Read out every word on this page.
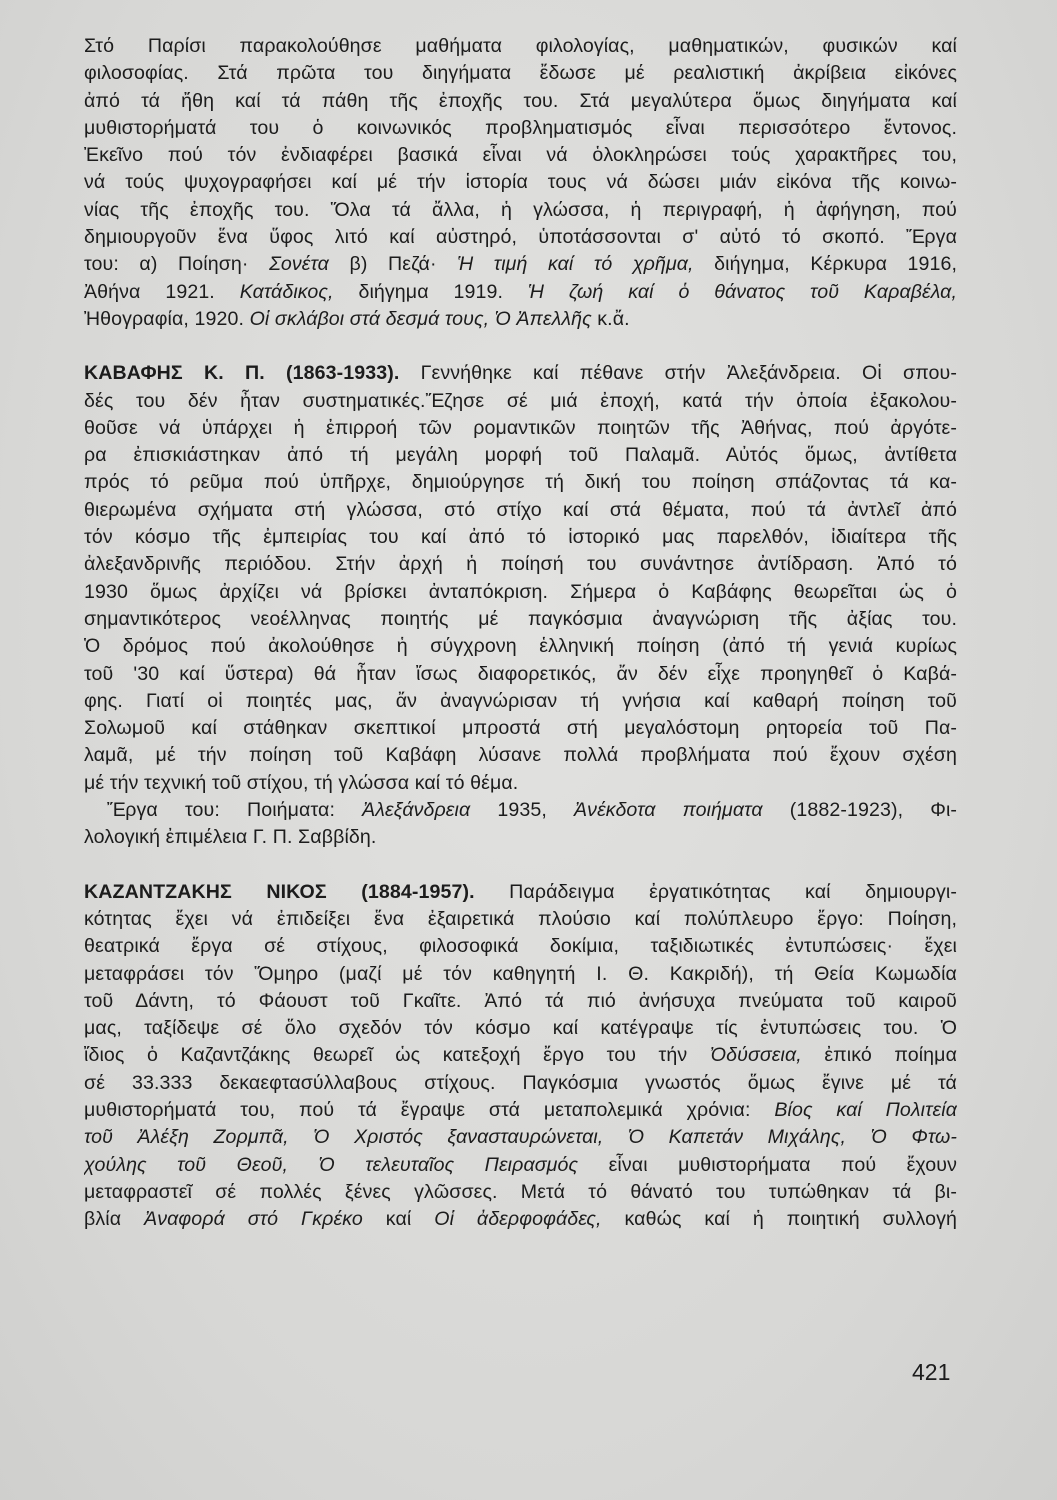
Στό Παρίσι παρακολούθησε μαθήματα φιλολογίας, μαθηματικών, φυσικών καί
φιλοσοφίας. Στά πρῶτα του διηγήματα ἔδωσε μέ ρεαλιστική ἀκρίβεια εἰκόνες
ἀπό τά ἤθη καί τά πάθη τῆς ἐποχῆς του. Στά μεγαλύτερα ὅμως διηγήματα καί
μυθιστορήματά του ὁ κοινωνικός προβληματισμός εἶναι περισσότερο ἔντονος.
Ἐκεῖνο πού τόν ἐνδιαφέρει βασικά εἶναι νά ὁλοκληρώσει τούς χαρακτῆρες του,
νά τούς ψυχογραφήσει καί μέ τήν ἱστορία τους νά δώσει μιάν εἰκόνα τῆς κοινω-
νίας τῆς ἐποχῆς του. Ὅλα τά ἄλλα, ἡ γλώσσα, ἡ περιγραφή, ἡ ἀφήγηση, πού
δημιουργοῦν ἕνα ὕφος λιτό καί αὐστηρό, ὑποτάσσονται σ' αὐτό τό σκοπό. Ἔργα
του: α) Ποίηση· Σονέτα β) Πεζά· Ἡ τιμή καί τό χρῆμα, διήγημα, Κέρκυρα 1916,
Ἀθήνα 1921. Κατάδικος, διήγημα 1919. Ἡ ζωή καί ὁ θάνατος τοῦ Καραβέλα,
Ἠθογραφία, 1920. Οἱ σκλάβοι στά δεσμά τους, Ὁ Ἀπελλῆς κ.ἄ.
ΚΑΒΑΦΗΣ Κ. Π. (1863-1933). Γεννήθηκε καί πέθανε στήν Ἀλεξάνδρεια. Οἱ σπου-
δές του δέν ἦταν συστηματικές.Ἔζησε σέ μιά ἐποχή, κατά τήν ὁποία ἐξακολου-
θοῦσε νά ὑπάρχει ἡ ἐπιρροή τῶν ρομαντικῶν ποιητῶν τῆς Ἀθήνας, πού ἀργότε-
ρα ἐπισκιάστηκαν ἀπό τή μεγάλη μορφή τοῦ Παλαμᾶ. Αὐτός ὅμως, ἀντίθετα
πρός τό ρεῦμα πού ὑπῆρχε, δημιούργησε τή δική του ποίηση σπάζοντας τά κα-
θιερωμένα σχήματα στή γλώσσα, στό στίχο καί στά θέματα, πού τά ἀντλεῖ ἀπό
τόν κόσμο τῆς ἐμπειρίας του καί ἀπό τό ἱστορικό μας παρελθόν, ἰδιαίτερα τῆς
ἀλεξανδρινῆς περιόδου. Στήν ἀρχή ἡ ποίησή του συνάντησε ἀντίδραση. Ἀπό τό
1930 ὅμως ἀρχίζει νά βρίσκει ἀνταπόκριση. Σήμερα ὁ Καβάφης θεωρεῖται ὡς ὁ
σημαντικότερος νεοέλληνας ποιητής μέ παγκόσμια ἀναγνώριση τῆς ἀξίας του.
Ὁ δρόμος πού ἀκολούθησε ἡ σύγχρονη ἑλληνική ποίηση (ἀπό τή γενιά κυρίως
τοῦ '30 καί ὕστερα) θά ἦταν ἴσως διαφορετικός, ἄν δέν εἶχε προηγηθεῖ ὁ Καβά-
φης. Γιατί οἱ ποιητές μας, ἄν ἀναγνώρισαν τή γνήσια καί καθαρή ποίηση τοῦ
Σολωμοῦ καί στάθηκαν σκεπτικοί μπροστά στή μεγαλόστομη ρητορεία τοῦ Πα-
λαμᾶ, μέ τήν ποίηση τοῦ Καβάφη λύσανε πολλά προβλήματα πού ἔχουν σχέση
μέ τήν τεχνική τοῦ στίχου, τή γλώσσα καί τό θέμα.
Ἔργα του: Ποιήματα: Ἀλεξάνδρεια 1935, Ἀνέκδοτα ποιήματα (1882-1923), Φι-
λολογική ἐπιμέλεια Γ. Π. Σαββίδη.
ΚΑΖΑΝΤΖΑΚΗΣ ΝΙΚΟΣ (1884-1957). Παράδειγμα ἐργατικότητας καί δημιουργι-
κότητας ἔχει νά ἐπιδείξει ἕνα ἐξαιρετικά πλούσιο καί πολύπλευρο ἔργο: Ποίηση,
θεατρικά ἔργα σέ στίχους, φιλοσοφικά δοκίμια, ταξιδιωτικές ἐντυπώσεις· ἔχει
μεταφράσει τόν Ὅμηρο (μαζί μέ τόν καθηγητή Ι. Θ. Κακριδή), τή Θεία Κωμωδία
τοῦ Δάντη, τό Φάουστ τοῦ Γκαῖτε. Ἀπό τά πιό ἀνήσυχα πνεύματα τοῦ καιροῦ
μας, ταξίδεψε σέ ὅλο σχεδόν τόν κόσμο καί κατέγραψε τίς ἐντυπώσεις του. Ὁ
ἴδιος ὁ Καζαντζάκης θεωρεῖ ὡς κατεξοχή ἔργο του τήν Ὀδύσσεια, ἐπικό ποίημα
σέ 33.333 δεκαεφτασύλλαβους στίχους. Παγκόσμια γνωστός ὅμως ἔγινε μέ τά
μυθιστορήματά του, πού τά ἔγραψε στά μεταπολεμικά χρόνια: Βίος καί Πολιτεία
τοῦ Ἀλέξη Ζορμπᾶ, Ὁ Χριστός ξανασταυρώνεται, Ὁ Καπετάν Μιχάλης, Ὁ Φτω-
χούλης τοῦ Θεοῦ, Ὁ τελευταῖος Πειρασμός εἶναι μυθιστορήματα πού ἔχουν
μεταφραστεῖ σέ πολλές ξένες γλῶσσες. Μετά τό θάνατό του τυπώθηκαν τά βι-
βλία Ἀναφορά στό Γκρέκο καί Οἱ ἀδερφοφάδες, καθώς καί ἡ ποιητική συλλογή
421
